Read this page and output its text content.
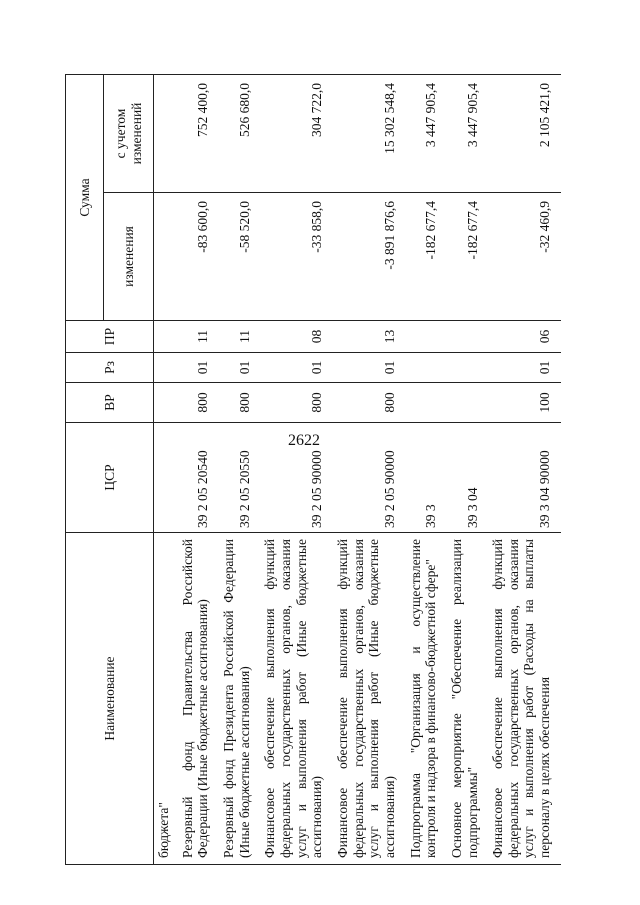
2622
Наименование	ЦСР	ВР	Рз	ПР	Сумма	
					изменения	с учетом изменений
бюджета"						
Резервный фонд Правительства Российской Федерации (Иные бюджетные ассигнования)	39 2 05 20540	800	01	11	-83 600,0	752 400,0
Резервный фонд Президента Российской Федерации (Иные бюджетные ассигнования)	39 2 05 20550	800	01	11	-58 520,0	526 680,0
Финансовое обеспечение выполнения функций федеральных государственных органов, оказания услуг и выполнения работ (Иные бюджетные ассигнования)	39 2 05 90000	800	01	08	-33 858,0	304 722,0
Финансовое обеспечение выполнения функций федеральных государственных органов, оказания услуг и выполнения работ (Иные бюджетные ассигнования)	39 2 05 90000	800	01	13	-3 891 876,6	15 302 548,4
Подпрограмма "Организация и осуществление контроля и надзора в финансово-бюджетной сфере"	39 3				-182 677,4	3 447 905,4
Основное мероприятие "Обеспечение реализации подпрограммы"	39 3 04				-182 677,4	3 447 905,4
Финансовое обеспечение выполнения функций федеральных государственных органов, оказания услуг и выполнения работ (Расходы на выплаты персоналу в целях обеспечения	39 3 04 90000	100	01	06	-32 460,9	2 105 421,0
